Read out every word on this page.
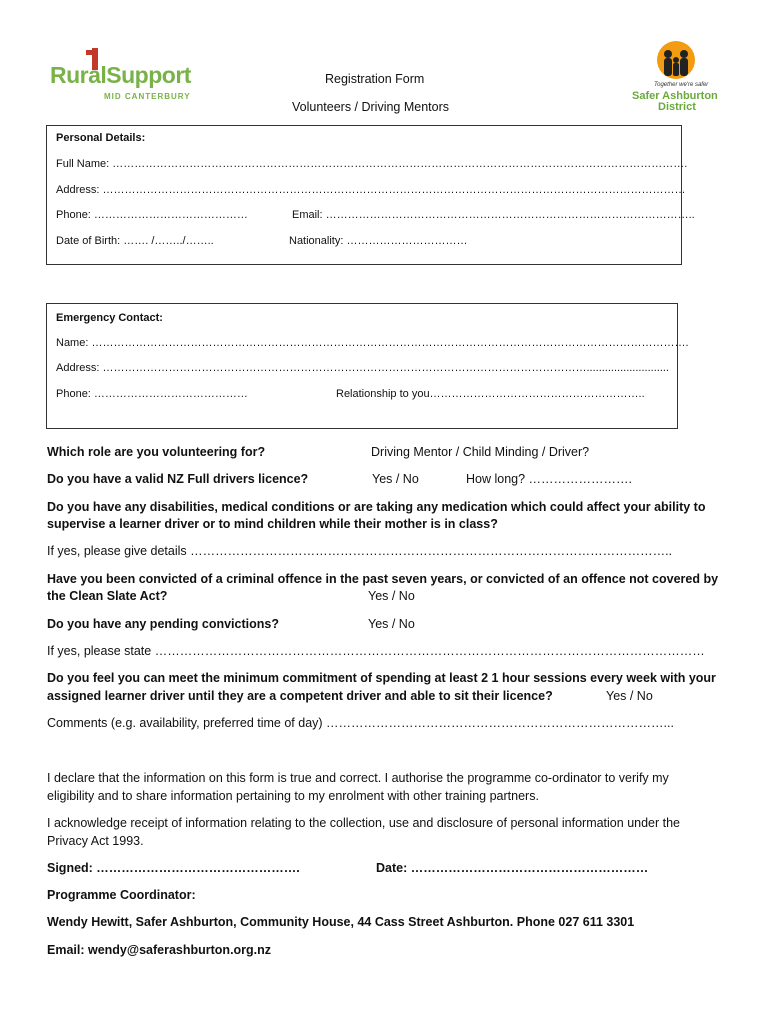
RuralSupport
MID CANTERBURY
Together we're safer
Safer Ashburton
District
Registration Form
Volunteers / Driving Mentors
Personal Details:
Full Name: ………………………………………………………………………………………………………………………………………….
Address: ……………………………………………………………………………………………………………………………………………
Phone: ……………………………………	Email: ………………………………………………………………………………………..
Date of Birth: ……. /……../……..	Nationality: ……………………………
Emergency Contact:
Name: ……………………………………………………………………………………………………………………………………………….
Address: ……………………………………………………………………………………………………………………...........................
Phone: ……………………………………	Relationship to you…………………………………………………..
Which role are you volunteering for?	Driving Mentor / Child Minding / Driver?
Do you have a valid NZ Full drivers licence?	Yes / No	How long? …………………….
Do you have any disabilities, medical conditions or are taking any medication which could affect your ability to
supervise a learner driver or to mind children while their mother is in class?
If yes, please give details ……………………………………………………………………………………………………..
Have you been convicted of a criminal offence in the past seven years, or convicted of an offence not covered by
the Clean Slate Act?	Yes / No
Do you have any pending convictions?	Yes / No
If yes, please state ……………………………………………………………………………………………………………………
Do you feel you can meet the minimum commitment of spending at least 2 1 hour sessions every week with your
assigned learner driver until they are a competent driver and able to sit their licence?	Yes / No
Comments (e.g. availability, preferred time of day) ………………………………………………………………………...
I declare that the information on this form is true and correct. I authorise the programme co-ordinator to verify my
eligibility and to share information pertaining to my enrolment with other training partners.
I acknowledge receipt of information relating to the collection, use and disclosure of personal information under the
Privacy Act 1993.
Signed: ………………………………………….	Date: …………………………………………………
Programme Coordinator:
Wendy Hewitt, Safer Ashburton, Community House, 44 Cass Street Ashburton. Phone 027 611 3301
Email: wendy@saferashburton.org.nz
